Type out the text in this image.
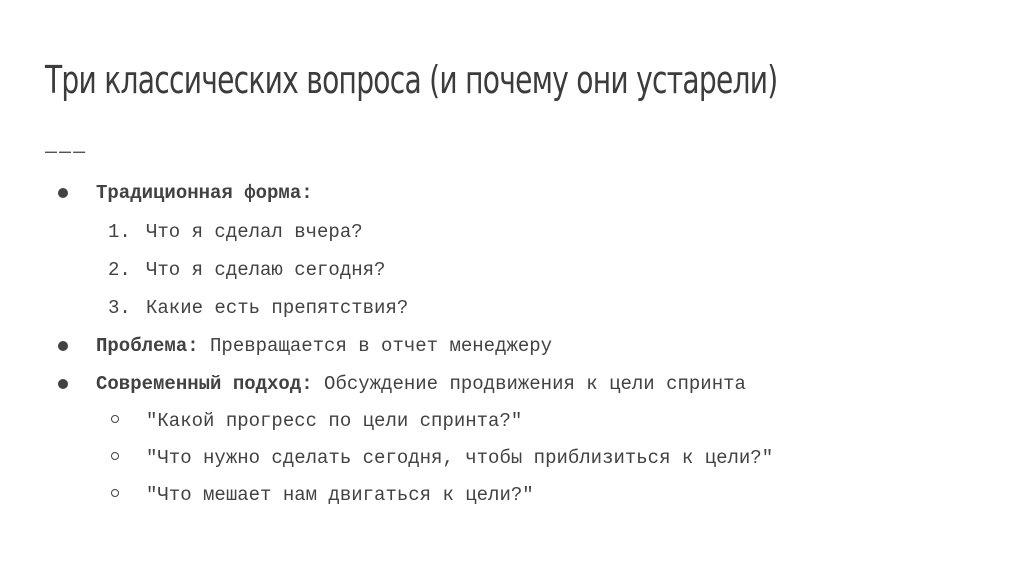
Три классических вопроса (и почему они устарели)
———
Традиционная форма:
1. Что я сделал вчера?
2. Что я сделаю сегодня?
3. Какие есть препятствия?
Проблема: Превращается в отчет менеджеру
Современный подход: Обсуждение продвижения к цели спринта
"Какой прогресс по цели спринта?"
"Что нужно сделать сегодня, чтобы приблизиться к цели?"
"Что мешает нам двигаться к цели?"
